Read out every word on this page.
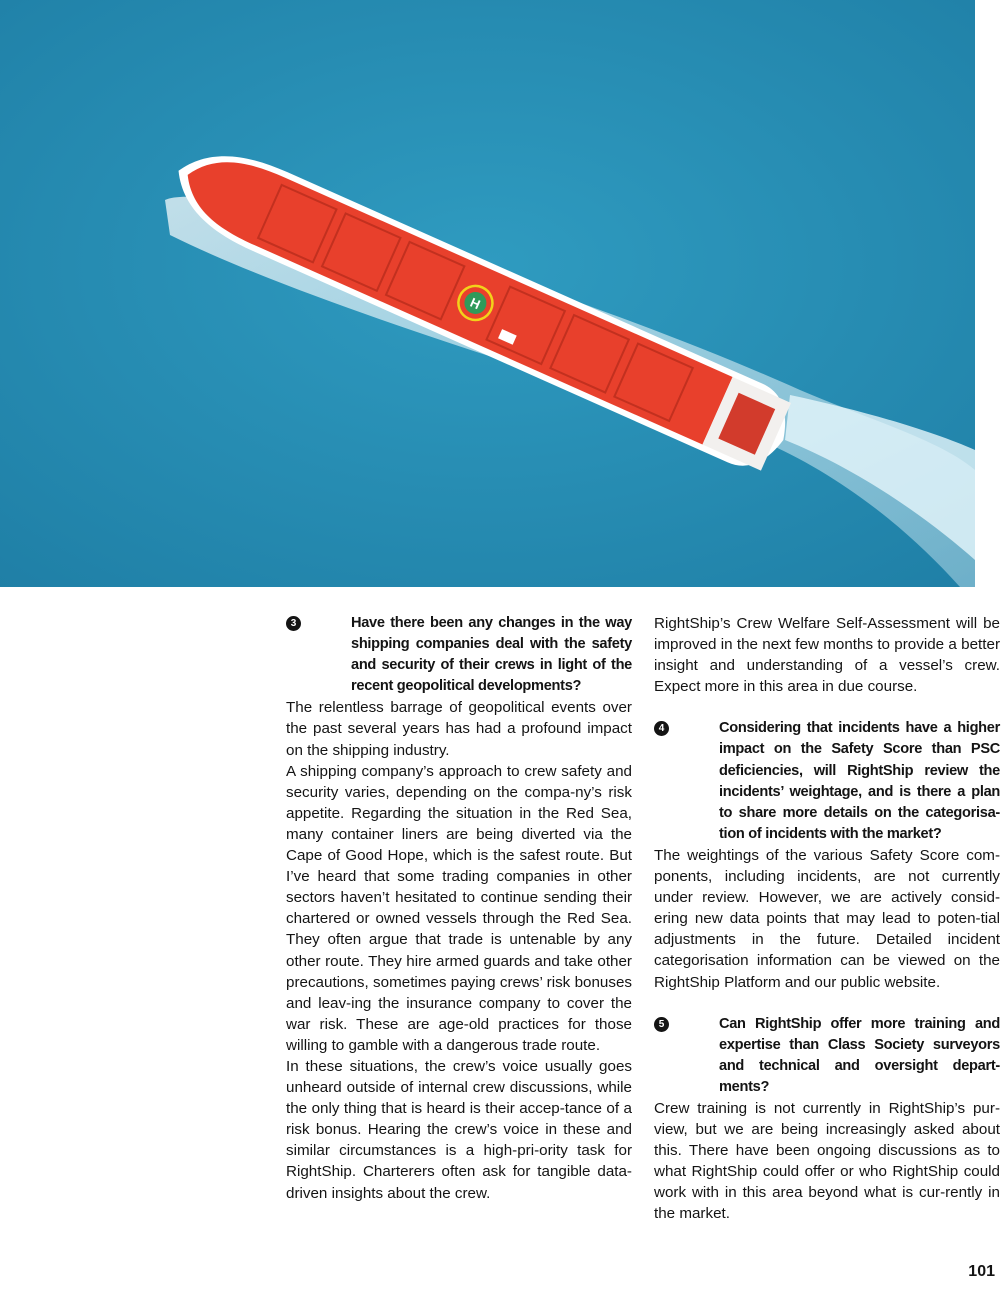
H
3	Have there been any changes in the way shipping companies deal with the safety and security of their crews in light of the recent geopolitical developments?

The relentless barrage of geopolitical events over the past several years has had a profound impact on the shipping industry.

A shipping company’s approach to crew safety and security varies, depending on the compa-ny’s risk appetite. Regarding the situation in the Red Sea, many container liners are being diverted via the Cape of Good Hope, which is the safest route. But I’ve heard that some trading companies in other sectors haven’t hesitated to continue sending their chartered or owned vessels through the Red Sea. They often argue that trade is untenable by any other route. They hire armed guards and take other precautions, sometimes paying crews’ risk bonuses and leav-ing the insurance company to cover the war risk. These are age-old practices for those willing to gamble with a dangerous trade route.

In these situations, the crew’s voice usually goes unheard outside of internal crew discussions, while the only thing that is heard is their accep-tance of a risk bonus. Hearing the crew’s voice in these and similar circumstances is a high-pri-ority task for RightShip. Charterers often ask for tangible data-driven insights about the crew.

RightShip’s Crew Welfare Self-Assessment will be improved in the next few months to provide a better insight and understanding of a vessel’s crew. Expect more in this area in due course.

4	Considering that incidents have a higher impact on the Safety Score than PSC deficiencies, will RightShip review the incidents’ weightage, and is there a plan to share more details on the categorisa-tion of incidents with the market?

The weightings of the various Safety Score com-ponents, including incidents, are not currently under review. However, we are actively consid-ering new data points that may lead to poten-tial adjustments in the future. Detailed incident categorisation information can be viewed on the RightShip Platform and our public website.

5	Can RightShip offer more training and expertise than Class Society surveyors and technical and oversight depart-ments?

Crew training is not currently in RightShip’s pur-view, but we are being increasingly asked about this. There have been ongoing discussions as to what RightShip could offer or who RightShip could work with in this area beyond what is cur-rently in the market.

101
